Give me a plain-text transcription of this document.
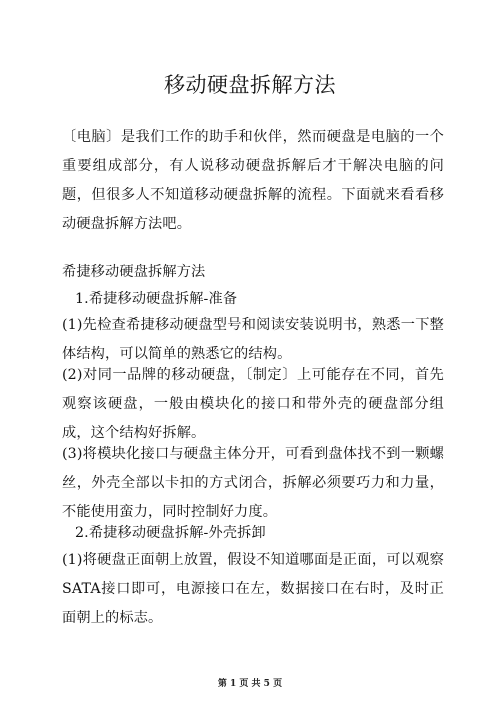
移动硬盘拆解方法

〔电脑〕是我们工作的助手和伙伴，然而硬盘是电脑的一个重要组成部分，有人说移动硬盘拆解后才干解决电脑的问题，但很多人不知道移动硬盘拆解的流程。下面就来看看移动硬盘拆解方法吧。

希捷移动硬盘拆解方法

1.希捷移动硬盘拆解-准备

(1)先检查希捷移动硬盘型号和阅读安装说明书，熟悉一下整体结构，可以简单的熟悉它的结构。

(2)对同一品牌的移动硬盘，〔制定〕上可能存在不同，首先观察该硬盘，一般由模块化的接口和带外壳的硬盘部分组成，这个结构好拆解。

(3)将模块化接口与硬盘主体分开，可看到盘体找不到一颗螺丝，外壳全部以卡扣的方式闭合，拆解必须要巧力和力量，不能使用蛮力，同时控制好力度。

2.希捷移动硬盘拆解-外壳拆卸

(1)将硬盘正面朝上放置，假设不知道哪面是正面，可以观察SATA接口即可，电源接口在左，数据接口在右时，及时正面朝上的标志。

第 1 页 共 5 页
